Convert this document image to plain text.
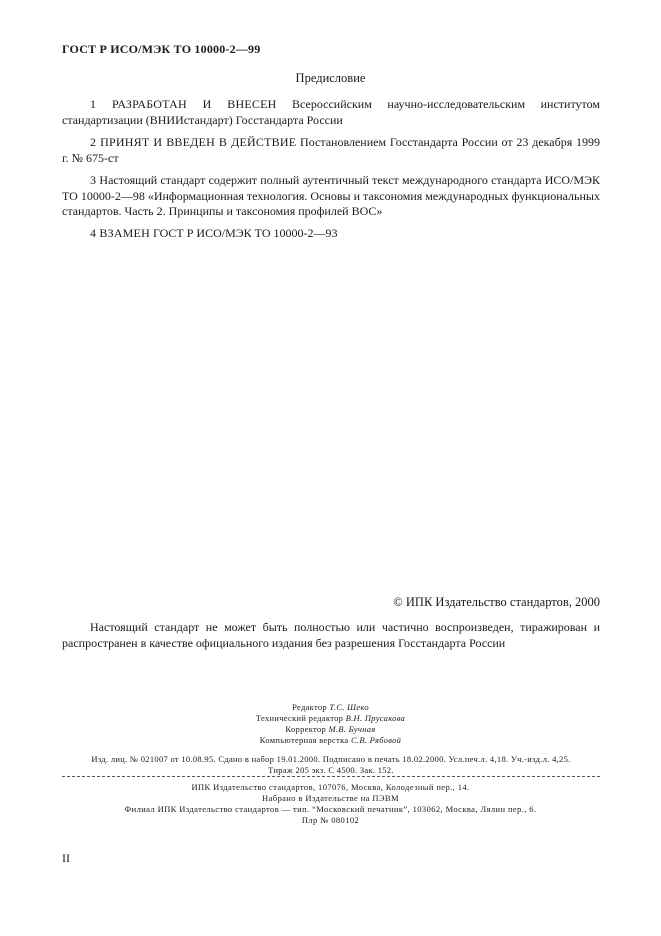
ГОСТ Р ИСО/МЭК ТО 10000-2—99
Предисловие
1 РАЗРАБОТАН И ВНЕСЕН Всероссийским научно-исследовательским институтом стандартизации (ВНИИстандарт) Госстандарта России
2 ПРИНЯТ И ВВЕДЕН В ДЕЙСТВИЕ Постановлением Госстандарта России от 23 декабря 1999 г. № 675-ст
3 Настоящий стандарт содержит полный аутентичный текст международного стандарта ИСО/МЭК ТО 10000-2—98 «Информационная технология. Основы и таксономия международных функциональных стандартов. Часть 2. Принципы и таксономия профилей ВОС»
4 ВЗАМЕН ГОСТ Р ИСО/МЭК ТО 10000-2—93
© ИПК Издательство стандартов, 2000
Настоящий стандарт не может быть полностью или частично воспроизведен, тиражирован и распространен в качестве официального издания без разрешения Госстандарта России
Редактор Т.С. Шеко
Технический редактор В.Н. Прусакова
Корректор М.В. Бучная
Компьютерная верстка С.В. Рябовой
Изд. лиц. № 021007 от 10.08.95. Сдано в набор 19.01.2000. Подписано в печать 18.02.2000. Усл.печ.л. 4,18. Уч.-изд.л. 4,25.
Тираж 205 экз. С 4500. Зак. 152.
ИПК Издательство стандартов, 107076, Москва, Колодезный пер., 14.
Набрано в Издательстве на ПЭВМ
Филиал ИПК Издательство стандартов — тип. “Московский печатник”, 103062, Москва, Лялин пер., 6.
Плр № 080102
II
